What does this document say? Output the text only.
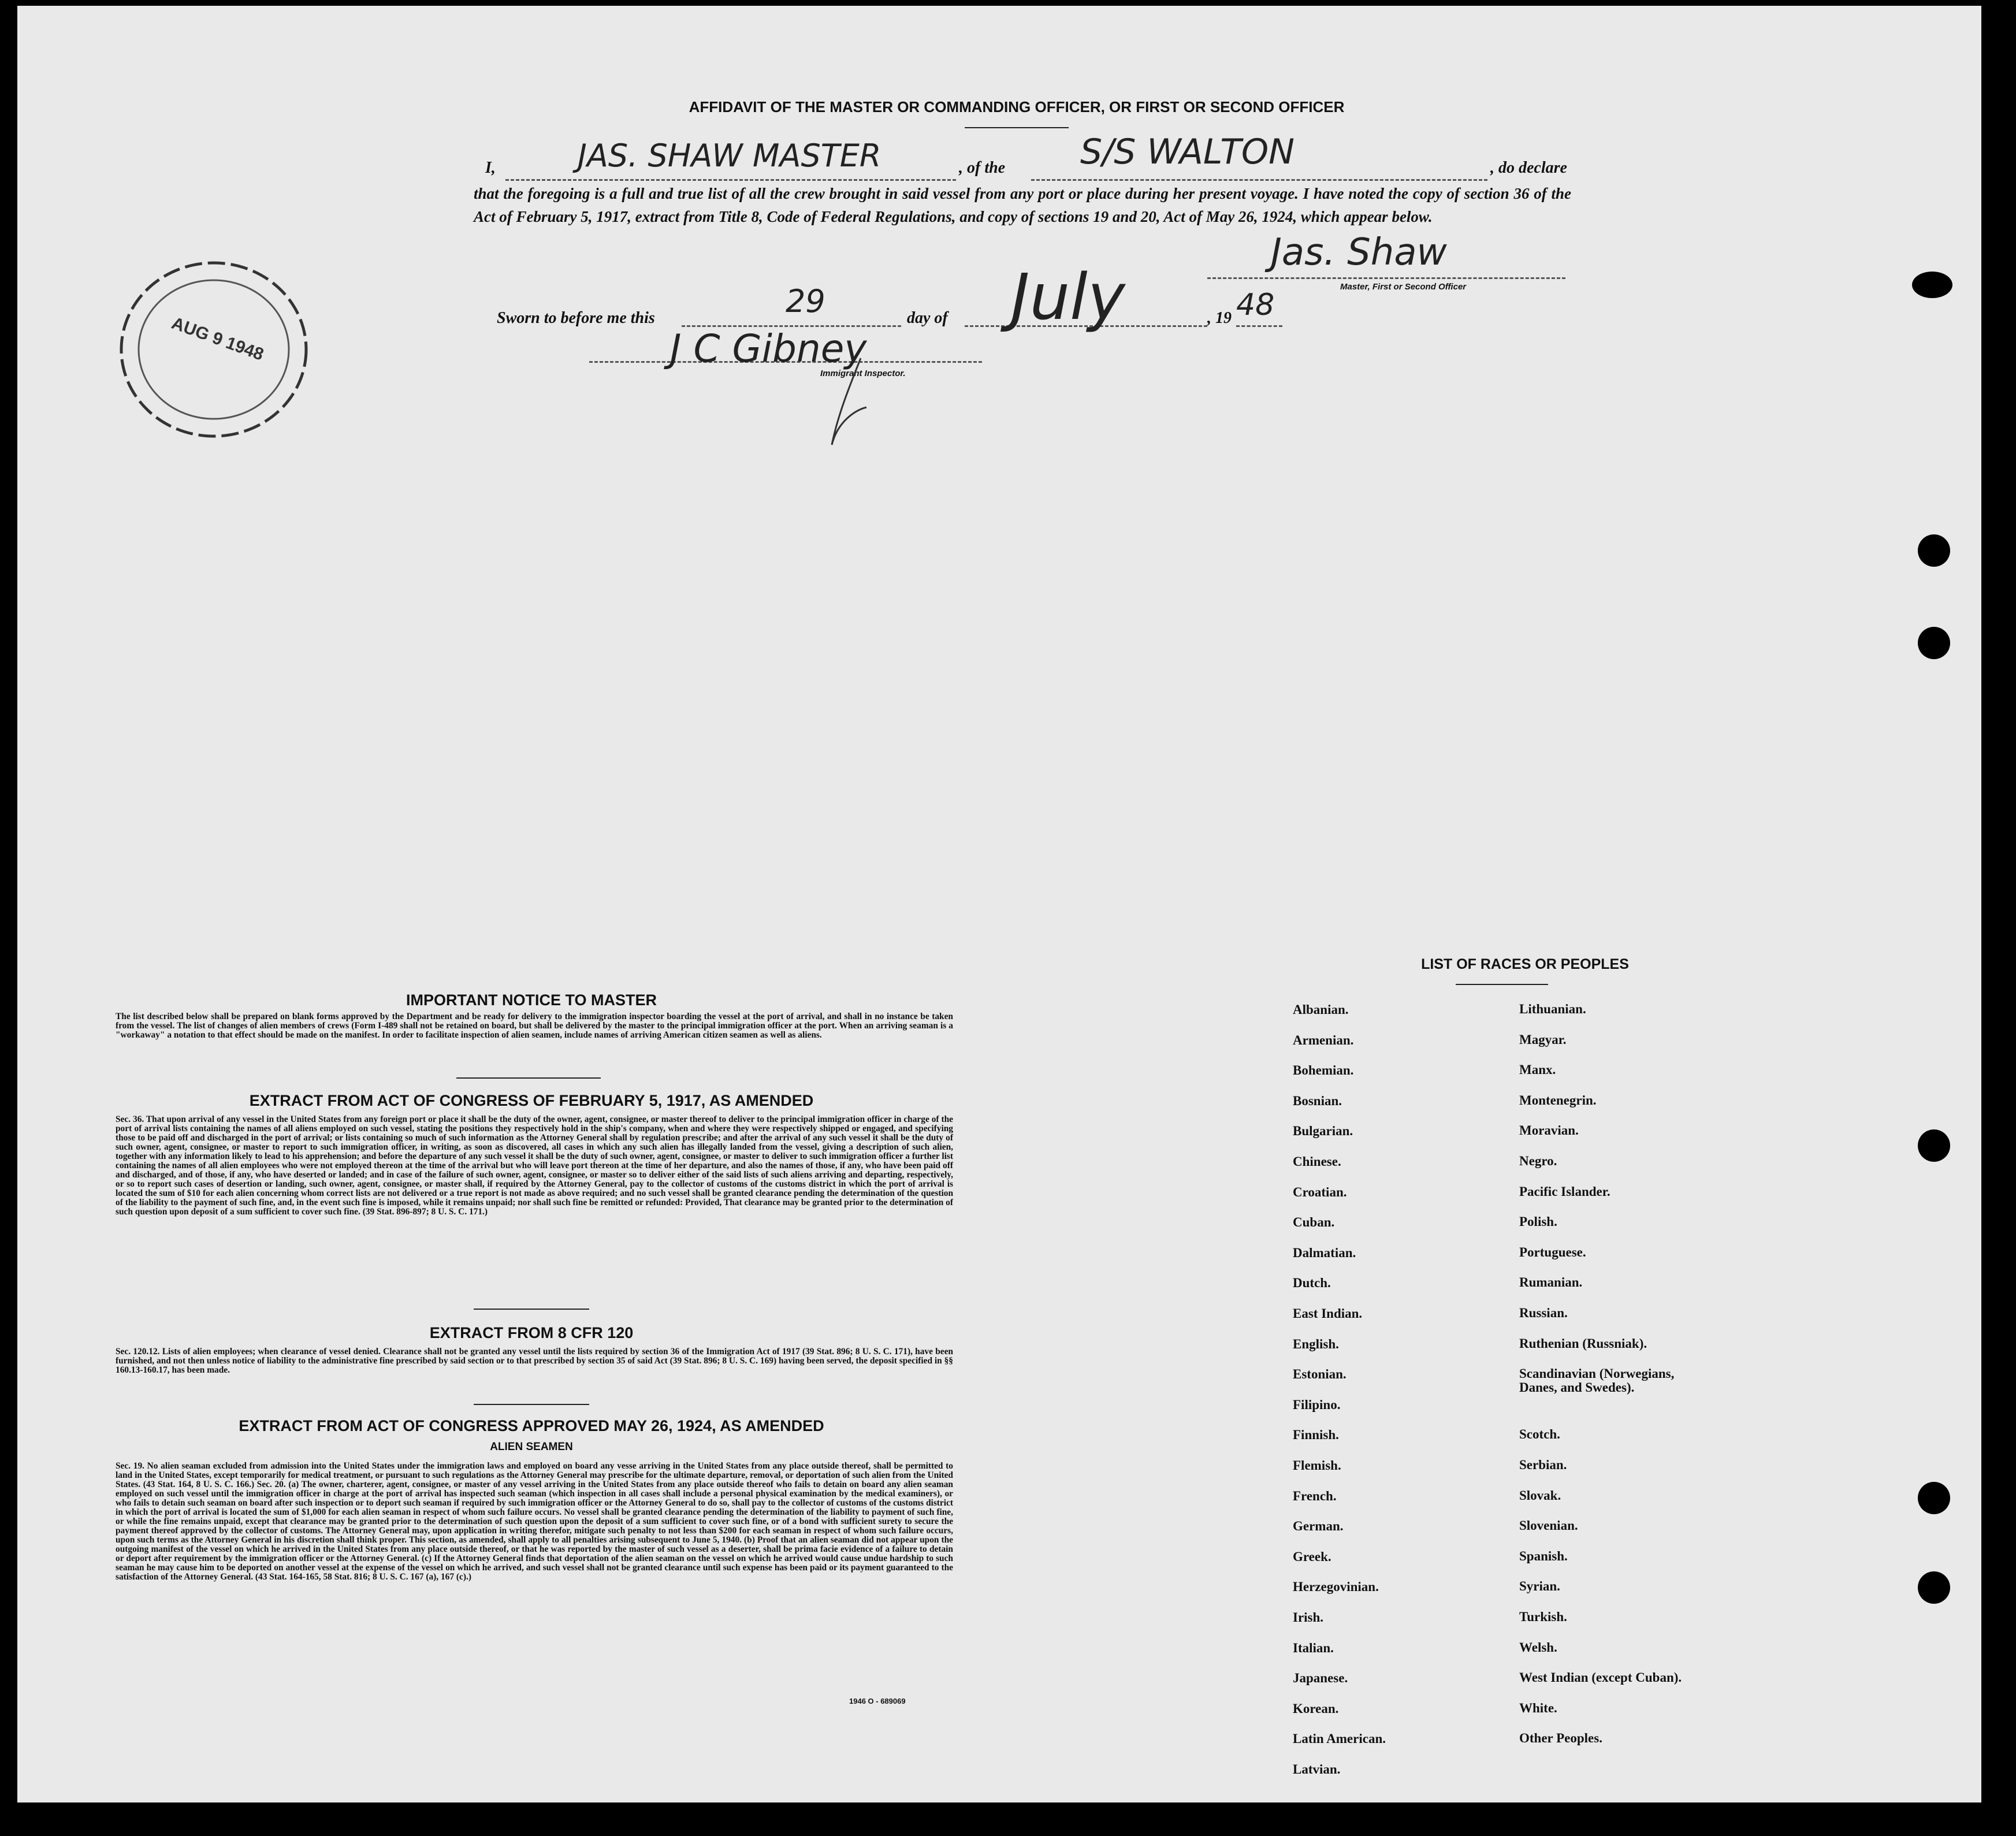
AFFIDAVIT OF THE MASTER OR COMMANDING OFFICER, OR FIRST OR SECOND OFFICER
I,	JAS. SHAW MASTER	, of the S/S WALTON	, do declare
that the foregoing is a full and true list of all the crew brought in said vessel from any port or place during her present voyage. I have noted the copy of section 36 of the Act of February 5, 1917, extract from Title 8, Code of Federal Regulations, and copy of sections 19 and 20, Act of May 26, 1924, which appear below.
Jas. Shaw
Master, First or Second Officer
Sworn to before me this	29	day of July	, 19 48
J C Gibney
Immigrant Inspector.
AUG 9 1948
IMPORTANT NOTICE TO MASTER
The list described below shall be prepared on blank forms approved by the Department and be ready for delivery to the immigration inspector boarding the vessel at the port of arrival, and shall in no instance be taken from the vessel. The list of changes of alien members of crews (Form I-489 shall not be retained on board, but shall be delivered by the master to the principal immigration officer at the port. When an arriving seaman is a "workaway" a notation to that effect should be made on the manifest. In order to facilitate inspection of alien seamen, include names of arriving American citizen seamen as well as aliens.
EXTRACT FROM ACT OF CONGRESS OF FEBRUARY 5, 1917, AS AMENDED
Sec. 36. That upon arrival of any vessel in the United States from any foreign port or place it shall be the duty of the owner, agent, consignee, or master thereof to deliver to the principal immigration officer in charge of the port of arrival lists containing the names of all aliens employed on such vessel, stating the positions they respectively hold in the ship's company, when and where they were respectively shipped or engaged, and specifying those to be paid off and discharged in the port of arrival; or lists containing so much of such information as the Attorney General shall by regulation prescribe; and after the arrival of any such vessel it shall be the duty of such owner, agent, consignee, or master to report to such immigration officer, in writing, as soon as discovered, all cases in which any such alien has illegally landed from the vessel, giving a description of such alien, together with any information likely to lead to his apprehension; and before the departure of any such vessel it shall be the duty of such owner, agent, consignee, or master to deliver to such immigration officer a further list containing the names of all alien employees who were not employed thereon at the time of the arrival but who will leave port thereon at the time of her departure, and also the names of those, if any, who have been paid off and discharged, and of those, if any, who have deserted or landed; and in case of the failure of such owner, agent, consignee, or master so to deliver either of the said lists of such aliens arriving and departing, respectively, or so to report such cases of desertion or landing, such owner, agent, consignee, or master shall, if required by the Attorney General, pay to the collector of customs of the customs district in which the port of arrival is located the sum of $10 for each alien concerning whom correct lists are not delivered or a true report is not made as above required; and no such vessel shall be granted clearance pending the determination of the question of the liability to the payment of such fine, and, in the event such fine is imposed, while it remains unpaid; nor shall such fine be remitted or refunded: Provided, That clearance may be granted prior to the determination of such question upon deposit of a sum sufficient to cover such fine. (39 Stat. 896-897; 8 U. S. C. 171.)
EXTRACT FROM 8 CFR 120
Sec. 120.12. Lists of alien employees; when clearance of vessel denied. Clearance shall not be granted any vessel until the lists required by section 36 of the Immigration Act of 1917 (39 Stat. 896; 8 U. S. C. 171), have been furnished, and not then unless notice of liability to the administrative fine prescribed by said section or to that prescribed by section 35 of said Act (39 Stat. 896; 8 U. S. C. 169) having been served, the deposit specified in §§ 160.13-160.17, has been made.
EXTRACT FROM ACT OF CONGRESS APPROVED MAY 26, 1924, AS AMENDED
ALIEN SEAMEN
Sec. 19. No alien seaman excluded from admission into the United States under the immigration laws and employed on board any vesse arriving in the United States from any place outside thereof, shall be permitted to land in the United States, except temporarily for medical treatment, or pursuant to such regulations as the Attorney General may prescribe for the ultimate departure, removal, or deportation of such alien from the United States. (43 Stat. 164, 8 U. S. C. 166.) Sec. 20. (a) The owner, charterer, agent, consignee, or master of any vessel arriving in the United States from any place outside thereof who fails to detain on board any alien seaman employed on such vessel until the immigration officer in charge at the port of arrival has inspected such seaman (which inspection in all cases shall include a personal physical examination by the medical examiners), or who fails to detain such seaman on board after such inspection or to deport such seaman if required by such immigration officer or the Attorney General to do so, shall pay to the collector of customs of the customs district in which the port of arrival is located the sum of $1,000 for each alien seaman in respect of whom such failure occurs. No vessel shall be granted clearance pending the determination of the liability to payment of such fine, or while the fine remains unpaid, except that clearance may be granted prior to the determination of such question upon the deposit of a sum sufficient to cover such fine, or of a bond with sufficient surety to secure the payment thereof approved by the collector of customs. The Attorney General may, upon application in writing therefor, mitigate such penalty to not less than $200 for each seaman in respect of whom such failure occurs, upon such terms as the Attorney General in his discretion shall think proper. This section, as amended, shall apply to all penalties arising subsequent to June 5, 1940. (b) Proof that an alien seaman did not appear upon the outgoing manifest of the vessel on which he arrived in the United States from any place outside thereof, or that he was reported by the master of such vessel as a deserter, shall be prima facie evidence of a failure to detain or deport after requirement by the immigration officer or the Attorney General. (c) If the Attorney General finds that deportation of the alien seaman on the vessel on which he arrived would cause undue hardship to such seaman he may cause him to be deported on another vessel at the expense of the vessel on which he arrived, and such vessel shall not be granted clearance until such expense has been paid or its payment guaranteed to the satisfaction of the Attorney General. (43 Stat. 164-165, 58 Stat. 816; 8 U. S. C. 167 (a), 167 (c).)
1946 O - 689069
LIST OF RACES OR PEOPLES
Albanian.
Armenian.
Bohemian.
Bosnian.
Bulgarian.
Chinese.
Croatian.
Cuban.
Dalmatian.
Dutch.
East Indian.
English.
Estonian.
Filipino.
Finnish.
Flemish.
French.
German.
Greek.
Herzegovinian.
Irish.
Italian.
Japanese.
Korean.
Latin American.
Latvian.
Lithuanian.
Magyar.
Manx.
Montenegrin.
Moravian.
Negro.
Pacific Islander.
Polish.
Portuguese.
Rumanian.
Russian.
Ruthenian (Russniak).
Scandinavian (Norwegians, Danes, and Swedes).
Scotch.
Serbian.
Slovak.
Slovenian.
Spanish.
Syrian.
Turkish.
Welsh.
West Indian (except Cuban).
White.
Other Peoples.
